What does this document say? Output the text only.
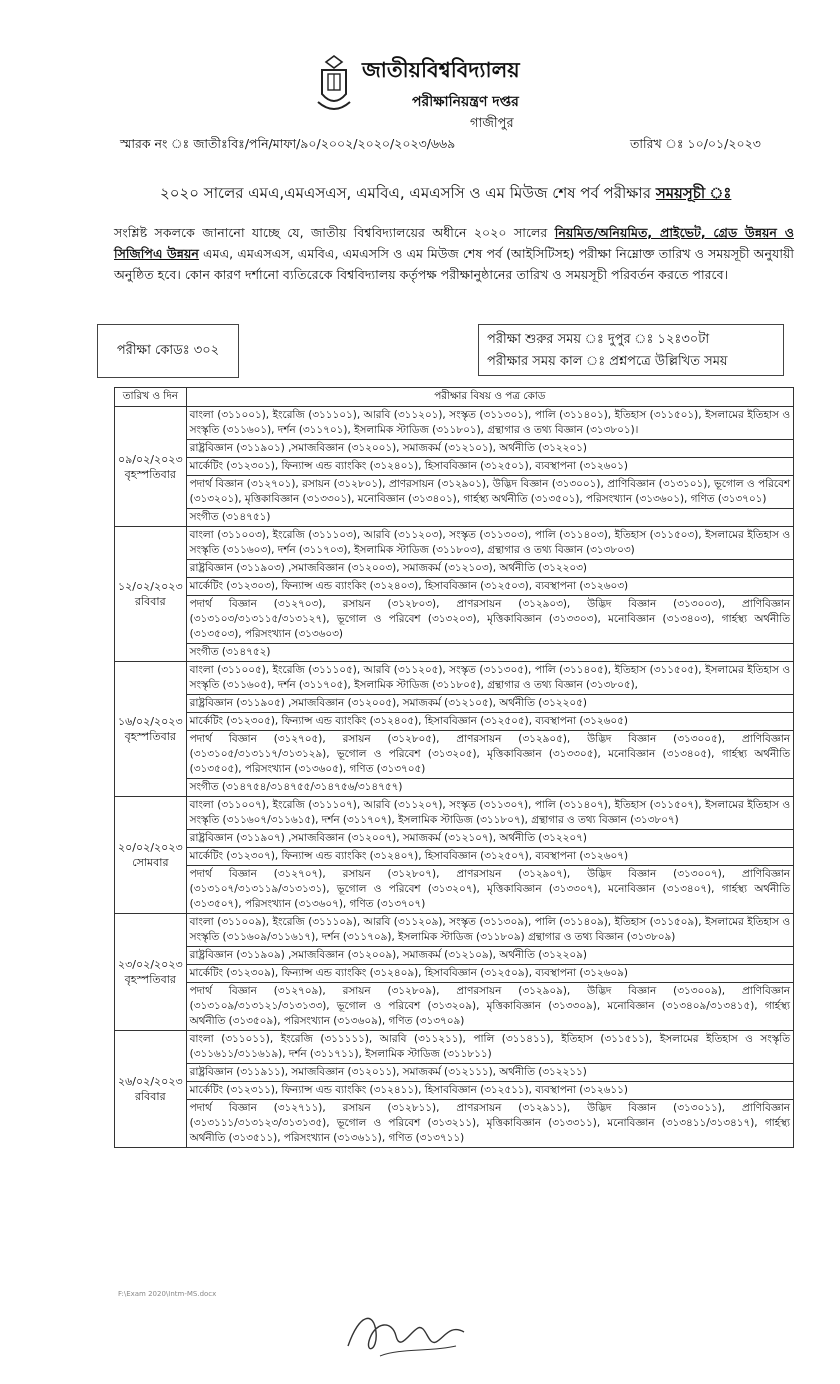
জাতীয়বিশ্ববিদ্যালয়
পরীক্ষানিয়ন্ত্রণ দপ্তর
গাজীপুর
স্মারক নং ঃ জাতীঃবিঃ/পনি/মাফা/৯০/২০০২/২০২০/২০২৩/৬৬৯	তারিখ ঃ ১০/০১/২০২৩
২০২০ সালের এমএ,এমএসএস, এমবিএ, এমএসসি ও এম মিউজ শেষ পর্ব পরীক্ষার সময়সূচী ঃ
সংশ্লিষ্ট সকলকে জানানো যাচ্ছে যে, জাতীয় বিশ্ববিদ্যালয়ের অধীনে ২০২০ সালের নিয়মিত/অনিয়মিত, প্রাইভেট, গ্রেড উন্নয়ন ও সিজিপিএ উন্নয়ন এমএ, এমএসএস, এমবিএ, এমএসসি ও এম মিউজ শেষ পর্ব (আইসিটিসহ) পরীক্ষা নিম্নোক্ত তারিখ ও সময়সূচী অনুযায়ী অনুষ্ঠিত হবে। কোন কারণ দর্শানো ব্যতিরেকে বিশ্ববিদ্যালয় কর্তৃপক্ষ পরীক্ষানুষ্ঠানের তারিখ ও সময়সূচী পরিবর্তন করতে পারবে।
পরীক্ষা কোডঃ ৩০২
পরীক্ষা শুরুর সময় ঃ দুপুর ঃ ১২ঃ৩০টা
পরীক্ষার সময় কাল ঃ প্রশ্নপত্রে উল্লিখিত সময়
তারিখ ও দিন	পরীক্ষার বিষয় ও পত্র কোড

০৯/০২/২০২৩
বৃহস্পতিবার	বাংলা (৩১১০০১), ইংরেজি (৩১১১০১), আরবি (৩১১২০১), সংস্কৃত (৩১১৩০১), পালি (৩১১৪০১), ইতিহাস (৩১১৫০১), ইসলামের ইতিহাস ও সংস্কৃতি (৩১১৬০১), দর্শন (৩১১৭০১), ইসলামিক স্টাডিজ (৩১১৮০১), গ্রন্থাগার ও তথ্য বিজ্ঞান (৩১৩৮০১)।
	রাষ্ট্রবিজ্ঞান (৩১১৯০১) ,সমাজবিজ্ঞান (৩১২০০১), সমাজকর্ম (৩১২১০১), অর্থনীতি (৩১২২০১)
	মার্কেটিং (৩১২৩০১), ফিন্যান্স এন্ড ব্যাংকিং (৩১২৪০১), হিসাববিজ্ঞান (৩১২৫০১), ব্যবস্থাপনা (৩১২৬০১)
	পদার্থ বিজ্ঞান (৩১২৭০১), রসায়ন (৩১২৮০১), প্রাণরসায়ন (৩১২৯০১), উদ্ভিদ বিজ্ঞান (৩১৩০০১), প্রাণিবিজ্ঞান (৩১৩১০১), ভূগোল ও পরিবেশ (৩১৩২০১), মৃত্তিকাবিজ্ঞান (৩১৩৩০১), মনোবিজ্ঞান (৩১৩৪০১), গার্হস্থ্য অর্থনীতি (৩১৩৫০১), পরিসংখ্যান (৩১৩৬০১), গণিত (৩১৩৭০১)
	সংগীত (৩১৪৭৫১)

১২/০২/২০২৩
রবিবার	বাংলা (৩১১০০৩), ইংরেজি (৩১১১০৩), আরবি (৩১১২০৩), সংস্কৃত (৩১১৩০৩), পালি (৩১১৪০৩), ইতিহাস (৩১১৫০৩), ইসলামের ইতিহাস ও সংস্কৃতি (৩১১৬০৩), দর্শন (৩১১৭০৩), ইসলামিক স্টাডিজ (৩১১৮০৩), গ্রন্থাগার ও তথ্য বিজ্ঞান (৩১৩৮০৩)
	রাষ্ট্রবিজ্ঞান (৩১১৯০৩) ,সমাজবিজ্ঞান (৩১২০০৩), সমাজকর্ম (৩১২১০৩), অর্থনীতি (৩১২২০৩)
	মার্কেটিং (৩১২৩০৩), ফিন্যান্স এন্ড ব্যাংকিং (৩১২৪০৩), হিসাববিজ্ঞান (৩১২৫০৩), ব্যবস্থাপনা (৩১২৬০৩)
	পদার্থ বিজ্ঞান (৩১২৭০৩), রসায়ন (৩১২৮০৩), প্রাণরসায়ন (৩১২৯০৩), উদ্ভিদ বিজ্ঞান (৩১৩০০৩), প্রাণিবিজ্ঞান (৩১৩১০৩/৩১৩১১৫/৩১৩১২৭), ভূগোল ও পরিবেশ (৩১৩২০৩), মৃত্তিকাবিজ্ঞান (৩১৩৩০৩), মনোবিজ্ঞান (৩১৩৪০৩), গার্হস্থ্য অর্থনীতি (৩১৩৫০৩), পরিসংখ্যান (৩১৩৬০৩)
	সংগীত (৩১৪৭৫২)

১৬/০২/২০২৩
বৃহস্পতিবার	বাংলা (৩১১০০৫), ইংরেজি (৩১১১০৫), আরবি (৩১১২০৫), সংস্কৃত (৩১১৩০৫), পালি (৩১১৪০৫), ইতিহাস (৩১১৫০৫), ইসলামের ইতিহাস ও সংস্কৃতি (৩১১৬০৫), দর্শন (৩১১৭০৫), ইসলামিক স্টাডিজ (৩১১৮০৫), গ্রন্থাগার ও তথ্য বিজ্ঞান (৩১৩৮০৫),
	রাষ্ট্রবিজ্ঞান (৩১১৯০৫) ,সমাজবিজ্ঞান (৩১২০০৫), সমাজকর্ম (৩১২১০৫), অর্থনীতি (৩১২২০৫)
	মার্কেটিং (৩১২৩০৫), ফিন্যান্স এন্ড ব্যাংকিং (৩১২৪০৫), হিসাববিজ্ঞান (৩১২৫০৫), ব্যবস্থাপনা (৩১২৬০৫)
	পদার্থ বিজ্ঞান (৩১২৭০৫), রসায়ন (৩১২৮০৫), প্রাণরসায়ন (৩১২৯০৫), উদ্ভিদ বিজ্ঞান (৩১৩০০৫), প্রাণিবিজ্ঞান (৩১৩১০৫/৩১৩১১৭/৩১৩১২৯), ভূগোল ও পরিবেশ (৩১৩২০৫), মৃত্তিকাবিজ্ঞান (৩১৩৩০৫), মনোবিজ্ঞান (৩১৩৪০৫), গার্হস্থ্য অর্থনীতি (৩১৩৫০৫), পরিসংখ্যান (৩১৩৬০৫), গণিত (৩১৩৭০৫)
	সংগীত (৩১৪৭৫৪/৩১৪৭৫৫/৩১৪৭৫৬/৩১৪৭৫৭)

২০/০২/২০২৩
সোমবার	বাংলা (৩১১০০৭), ইংরেজি (৩১১১০৭), আরবি (৩১১২০৭), সংস্কৃত (৩১১৩০৭), পালি (৩১১৪০৭), ইতিহাস (৩১১৫০৭), ইসলামের ইতিহাস ও সংস্কৃতি (৩১১৬০৭/৩১১৬১৫), দর্শন (৩১১৭০৭), ইসলামিক স্টাডিজ (৩১১৮০৭), গ্রন্থাগার ও তথ্য বিজ্ঞান (৩১৩৮০৭)
	রাষ্ট্রবিজ্ঞান (৩১১৯০৭) ,সমাজবিজ্ঞান (৩১২০০৭), সমাজকর্ম (৩১২১০৭), অর্থনীতি (৩১২২০৭)
	মার্কেটিং (৩১২৩০৭), ফিন্যান্স এন্ড ব্যাংকিং (৩১২৪০৭), হিসাববিজ্ঞান (৩১২৫০৭), ব্যবস্থাপনা (৩১২৬০৭)
	পদার্থ বিজ্ঞান (৩১২৭০৭), রসায়ন (৩১২৮০৭), প্রাণরসায়ন (৩১২৯০৭), উদ্ভিদ বিজ্ঞান (৩১৩০০৭), প্রাণিবিজ্ঞান (৩১৩১০৭/৩১৩১১৯/৩১৩১৩১), ভূগোল ও পরিবেশ (৩১৩২০৭), মৃত্তিকাবিজ্ঞান (৩১৩৩০৭), মনোবিজ্ঞান (৩১৩৪০৭), গার্হস্থ্য অর্থনীতি (৩১৩৫০৭), পরিসংখ্যান (৩১৩৬০৭), গণিত (৩১৩৭০৭)

২৩/০২/২০২৩
বৃহস্পতিবার	বাংলা (৩১১০০৯), ইংরেজি (৩১১১০৯), আরবি (৩১১২০৯), সংস্কৃত (৩১১৩০৯), পালি (৩১১৪০৯), ইতিহাস (৩১১৫০৯), ইসলামের ইতিহাস ও সংস্কৃতি (৩১১৬০৯/৩১১৬১৭), দর্শন (৩১১৭০৯), ইসলামিক স্টাডিজ (৩১১৮০৯) গ্রন্থাগার ও তথ্য বিজ্ঞান (৩১৩৮০৯)
	রাষ্ট্রবিজ্ঞান (৩১১৯০৯) ,সমাজবিজ্ঞান (৩১২০০৯), সমাজকর্ম (৩১২১০৯), অর্থনীতি (৩১২২০৯)
	মার্কেটিং (৩১২৩০৯), ফিন্যান্স এন্ড ব্যাংকিং (৩১২৪০৯), হিসাববিজ্ঞান (৩১২৫০৯), ব্যবস্থাপনা (৩১২৬০৯)
	পদার্থ বিজ্ঞান (৩১২৭০৯), রসায়ন (৩১২৮০৯), প্রাণরসায়ন (৩১২৯০৯), উদ্ভিদ বিজ্ঞান (৩১৩০০৯), প্রাণিবিজ্ঞান (৩১৩১০৯/৩১৩১২১/৩১৩১৩৩), ভূগোল ও পরিবেশ (৩১৩২০৯), মৃত্তিকাবিজ্ঞান (৩১৩৩০৯), মনোবিজ্ঞান (৩১৩৪০৯/৩১৩৪১৫), গার্হস্থ্য অর্থনীতি (৩১৩৫০৯), পরিসংখ্যান (৩১৩৬০৯), গণিত (৩১৩৭০৯)

২৬/০২/২০২৩
রবিবার	বাংলা (৩১১০১১), ইংরেজি (৩১১১১১), আরবি (৩১১২১১), পালি (৩১১৪১১), ইতিহাস (৩১১৫১১), ইসলামের ইতিহাস ও সংস্কৃতি (৩১১৬১১/৩১১৬১৯), দর্শন (৩১১৭১১), ইসলামিক স্টাডিজ (৩১১৮১১)
	রাষ্ট্রবিজ্ঞান (৩১১৯১১), সমাজবিজ্ঞান (৩১২০১১), সমাজকর্ম (৩১২১১১), অর্থনীতি (৩১২২১১)
	মার্কেটিং (৩১২৩১১), ফিন্যান্স এন্ড ব্যাংকিং (৩১২৪১১), হিসাববিজ্ঞান (৩১২৫১১), ব্যবস্থাপনা (৩১২৬১১)
	পদার্থ বিজ্ঞান (৩১২৭১১), রসায়ন (৩১২৮১১), প্রাণরসায়ন (৩১২৯১১), উদ্ভিদ বিজ্ঞান (৩১৩০১১), প্রাণিবিজ্ঞান (৩১৩১১১/৩১৩১২৩/৩১৩১৩৫), ভূগোল ও পরিবেশ (৩১৩২১১), মৃত্তিকাবিজ্ঞান (৩১৩৩১১), মনোবিজ্ঞান (৩১৩৪১১/৩১৩৪১৭), গার্হস্থ্য অর্থনীতি (৩১৩৫১১), পরিসংখ্যান (৩১৩৬১১), গণিত (৩১৩৭১১)
F:\Exam 2020\Intm-MS.docx
